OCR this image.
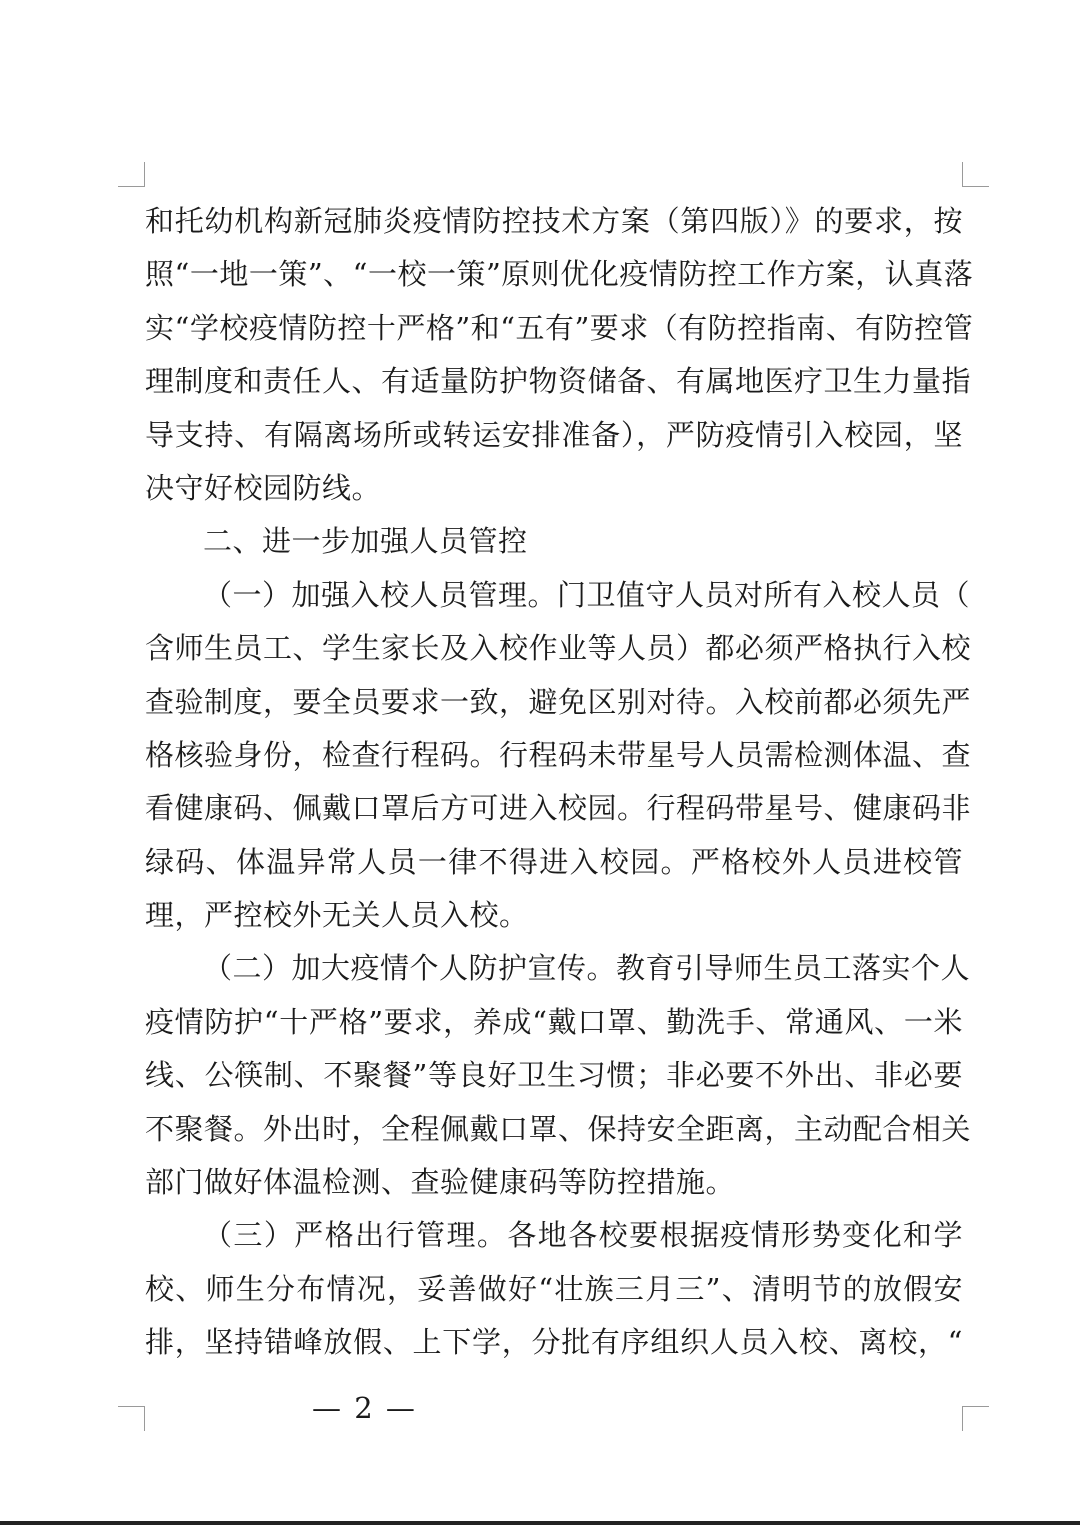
和托幼机构新冠肺炎疫情防控技术方案（第四版）》的要求，按
照“一地一策”、“一校一策”原则优化疫情防控工作方案，认真落
实“学校疫情防控十严格”和“五有”要求（有防控指南、有防控管
理制度和责任人、有适量防护物资储备、有属地医疗卫生力量指
导支持、有隔离场所或转运安排准备），严防疫情引入校园，坚
决守好校园防线。
二、进一步加强人员管控
（一）加强入校人员管理。门卫值守人员对所有入校人员（
含师生员工、学生家长及入校作业等人员）都必须严格执行入校
查验制度，要全员要求一致，避免区别对待。入校前都必须先严
格核验身份，检查行程码。行程码未带星号人员需检测体温、查
看健康码、佩戴口罩后方可进入校园。行程码带星号、健康码非
绿码、体温异常人员一律不得进入校园。严格校外人员进校管
理，严控校外无关人员入校。
（二）加大疫情个人防护宣传。教育引导师生员工落实个人
疫情防护“十严格”要求，养成“戴口罩、勤洗手、常通风、一米
线、公筷制、不聚餐”等良好卫生习惯；非必要不外出、非必要
不聚餐。外出时，全程佩戴口罩、保持安全距离，主动配合相关
部门做好体温检测、查验健康码等防控措施。
（三）严格出行管理。各地各校要根据疫情形势变化和学
校、师生分布情况，妥善做好“壮族三月三”、清明节的放假安
排，坚持错峰放假、上下学，分批有序组织人员入校、离校，“
— 2 —
